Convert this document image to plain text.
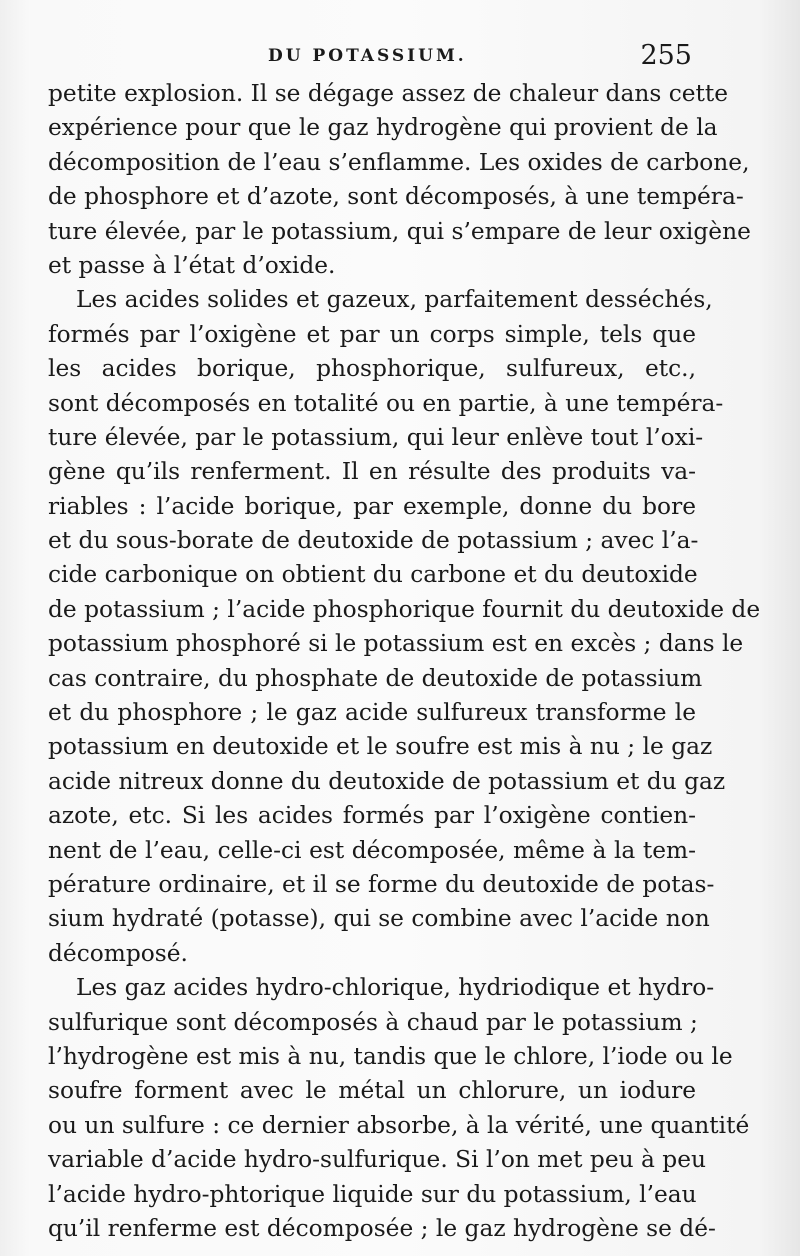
DU POTASSIUM.	255
petite explosion. Il se dégage assez de chaleur dans cette
expérience pour que le gaz hydrogène qui provient de la
décomposition de l’eau s’enflamme. Les oxides de carbone,
de phosphore et d’azote, sont décomposés, à une tempéra-
ture élevée, par le potassium, qui s’empare de leur oxigène
et passe à l’état d’oxide.
Les acides solides et gazeux, parfaitement desséchés,
formés par l’oxigène et par un corps simple, tels que
les acides borique, phosphorique, sulfureux, etc.,
sont décomposés en totalité ou en partie, à une tempéra-
ture élevée, par le potassium, qui leur enlève tout l’oxi-
gène qu’ils renferment. Il en résulte des produits va-
riables : l’acide borique, par exemple, donne du bore
et du sous-borate de deutoxide de potassium ; avec l’a-
cide carbonique on obtient du carbone et du deutoxide
de potassium ; l’acide phosphorique fournit du deutoxide de
potassium phosphoré si le potassium est en excès ; dans le
cas contraire, du phosphate de deutoxide de potassium
et du phosphore ; le gaz acide sulfureux transforme le
potassium en deutoxide et le soufre est mis à nu ; le gaz
acide nitreux donne du deutoxide de potassium et du gaz
azote, etc. Si les acides formés par l’oxigène contien-
nent de l’eau, celle-ci est décomposée, même à la tem-
pérature ordinaire, et il se forme du deutoxide de potas-
sium hydraté (potasse), qui se combine avec l’acide non
décomposé.
Les gaz acides hydro-chlorique, hydriodique et hydro-
sulfurique sont décomposés à chaud par le potassium ;
l’hydrogène est mis à nu, tandis que le chlore, l’iode ou le
soufre forment avec le métal un chlorure, un iodure
ou un sulfure : ce dernier absorbe, à la vérité, une quantité
variable d’acide hydro-sulfurique. Si l’on met peu à peu
l’acide hydro-phtorique liquide sur du potassium, l’eau
qu’il renferme est décomposée ; le gaz hydrogène se dé-
